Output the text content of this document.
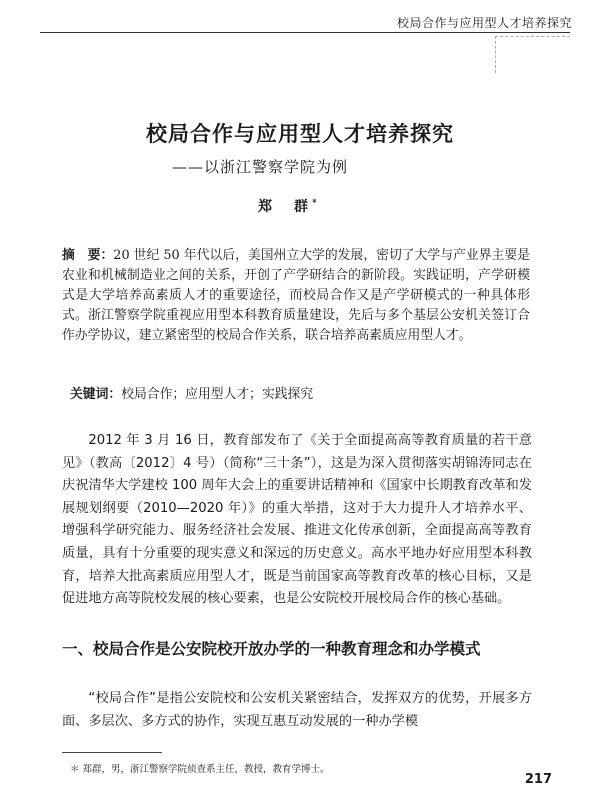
校局合作与应用型人才培养探究
校局合作与应用型人才培养探究
——以浙江警察学院为例
郑　群*
摘　要：20 世纪 50 年代以后，美国州立大学的发展，密切了大学与产业界主要是农业和机械制造业之间的关系，开创了产学研结合的新阶段。实践证明，产学研模式是大学培养高素质人才的重要途径，而校局合作又是产学研模式的一种具体形式。浙江警察学院重视应用型本科教育质量建设，先后与多个基层公安机关签订合作办学协议，建立紧密型的校局合作关系，联合培养高素质应用型人才。
关键词：校局合作；应用型人才；实践探究

2012 年 3 月 16 日，教育部发布了《关于全面提高高等教育质量的若干意见》（教高〔2012〕4 号）（简称“三十条”），这是为深入贯彻落实胡锦涛同志在庆祝清华大学建校 100 周年大会上的重要讲话精神和《国家中长期教育改革和发展规划纲要（2010—2020 年）》的重大举措，这对于大力提升人才培养水平、增强科学研究能力、服务经济社会发展、推进文化传承创新，全面提高高等教育质量，具有十分重要的现实意义和深远的历史意义。高水平地办好应用型本科教育，培养大批高素质应用型人才，既是当前国家高等教育改革的核心目标，又是促进地方高等院校发展的核心要素，也是公安院校开展校局合作的核心基础。

一、校局合作是公安院校开放办学的一种教育理念和办学模式

“校局合作”是指公安院校和公安机关紧密结合，发挥双方的优势，开展多方面、多层次、多方式的协作，实现互惠互动发展的一种办学模

＊ 郑群，男，浙江警察学院侦查系主任，教授，教育学博士。
217
